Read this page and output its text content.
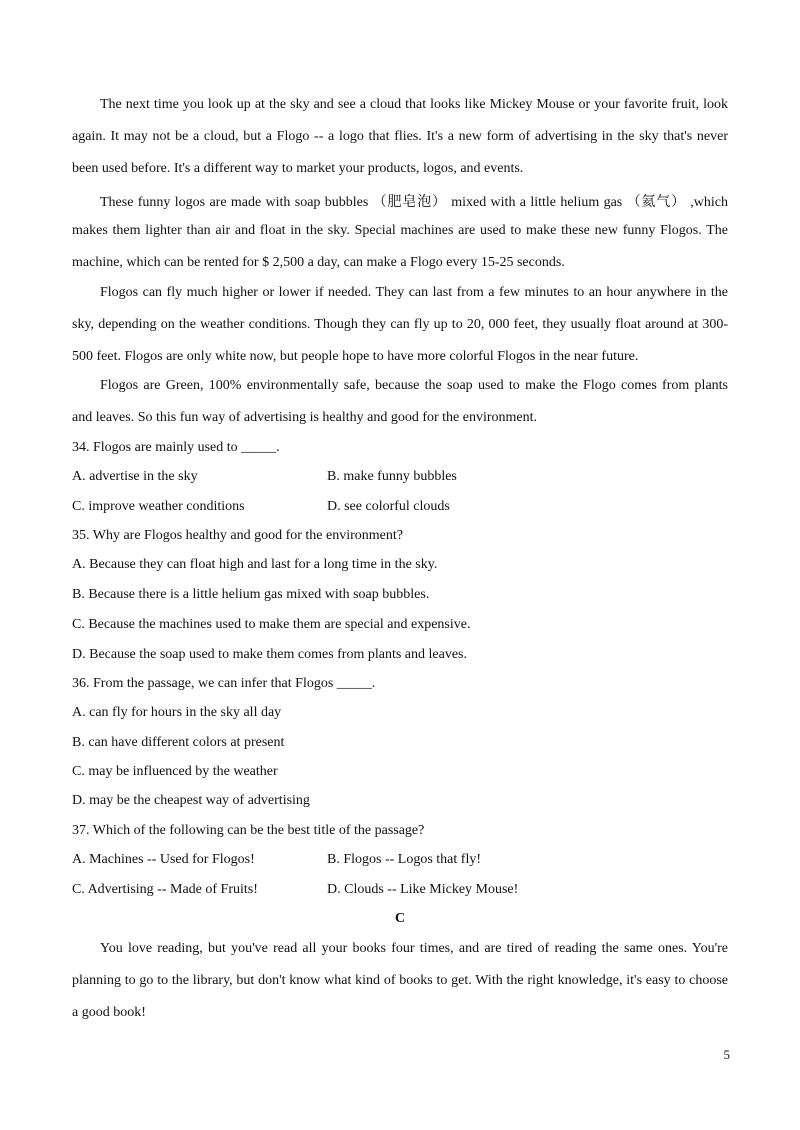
The next time you look up at the sky and see a cloud that looks like Mickey Mouse or your favorite fruit, look
again. It may not be a cloud, but a Flogo -- a logo that flies. It's a new form of advertising in the sky that's never
been used before. It's a different way to market your products, logos, and events.
These funny logos are made with soap bubbles （肥皂泡） mixed with a little helium gas （氦气） ,which
makes them lighter than air and float in the sky. Special machines are used to make these new funny Flogos. The
machine, which can be rented for $ 2,500 a day, can make a Flogo every 15-25 seconds.
Flogos can fly much higher or lower if needed. They can last from a few minutes to an hour anywhere in the
sky, depending on the weather conditions. Though they can fly up to 20, 000 feet, they usually float around at 300-
500 feet. Flogos are only white now, but people hope to have more colorful Flogos in the near future.
Flogos are Green, 100% environmentally safe, because the soap used to make the Flogo comes from plants
and leaves. So this fun way of advertising is healthy and good for the environment.
34. Flogos are mainly used to _____.
A. advertise in the sky	B. make funny bubbles
C. improve weather conditions	D. see colorful clouds
35. Why are Flogos healthy and good for the environment?
A. Because they can float high and last for a long time in the sky.
B. Because there is a little helium gas mixed with soap bubbles.
C. Because the machines used to make them are special and expensive.
D. Because the soap used to make them comes from plants and leaves.
36. From the passage, we can infer that Flogos _____.
A. can fly for hours in the sky all day
B. can have different colors at present
C. may be influenced by the weather
D. may be the cheapest way of advertising
37. Which of the following can be the best title of the passage?
A. Machines -- Used for Flogos!	B. Flogos -- Logos that fly!
C. Advertising -- Made of Fruits!	D. Clouds -- Like Mickey Mouse!
C
You love reading, but you've read all your books four times, and are tired of reading the same ones. You're
planning to go to the library, but don't know what kind of books to get. With the right knowledge, it's easy to choose
a good book!
5
